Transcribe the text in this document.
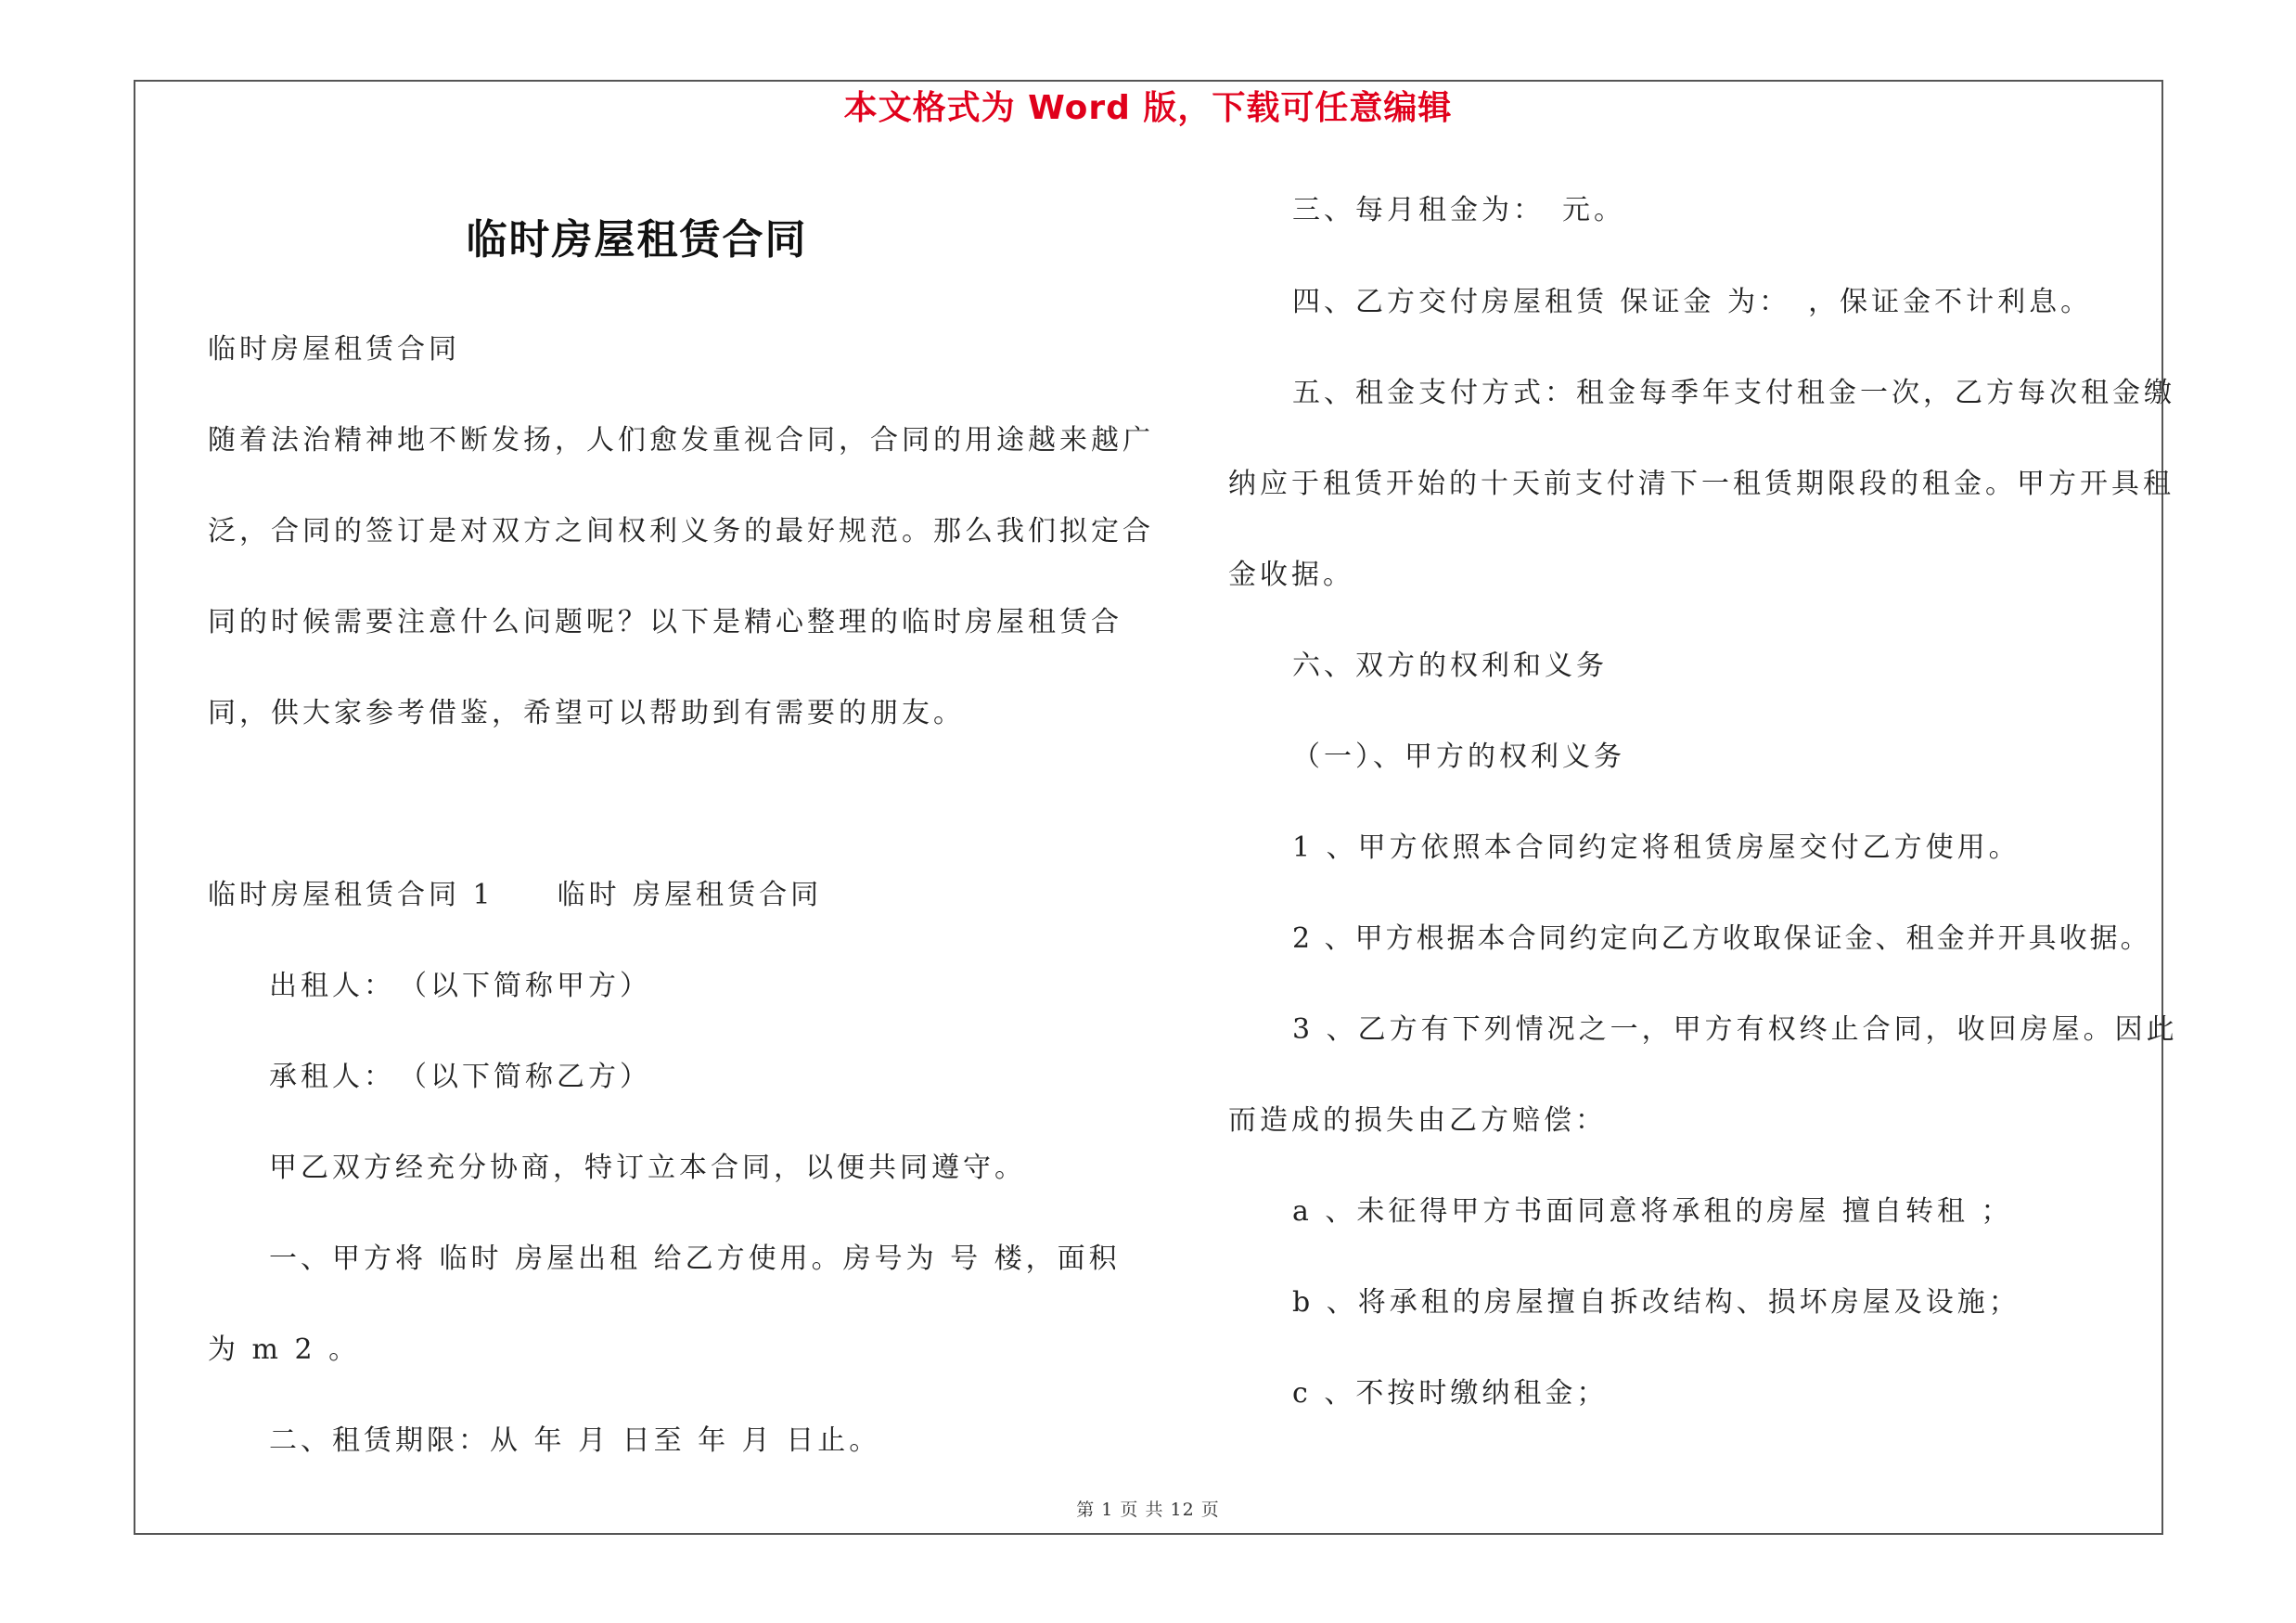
本文格式为 Word 版，下载可任意编辑
临时房屋租赁合同
临时房屋租赁合同
随着法治精神地不断发扬，人们愈发重视合同，合同的用途越来越广
泛，合同的签订是对双方之间权利义务的最好规范。那么我们拟定合
同的时候需要注意什么问题呢？以下是精心整理的临时房屋租赁合
同，供大家参考借鉴，希望可以帮助到有需要的朋友。
临时房屋租赁合同 1　　临时 房屋租赁合同
出租人：　（以下简称甲方）
承租人：　（以下简称乙方）
甲乙双方经充分协商，特订立本合同，以便共同遵守。
一、甲方将 临时 房屋出租 给乙方使用。房号为 号 楼，面积
为 m 2 。
二、租赁期限：从 年 月 日至 年 月 日止。
三、每月租金为：　元。
四、乙方交付房屋租赁 保证金 为：　，保证金不计利息。
五、租金支付方式：租金每季年支付租金一次，乙方每次租金缴
纳应于租赁开始的十天前支付清下一租赁期限段的租金。甲方开具租
金收据。
六、双方的权利和义务
（一）、甲方的权利义务
1 、甲方依照本合同约定将租赁房屋交付乙方使用。
2 、甲方根据本合同约定向乙方收取保证金、租金并开具收据。
3 、乙方有下列情况之一，甲方有权终止合同，收回房屋。因此
而造成的损失由乙方赔偿：
a 、未征得甲方书面同意将承租的房屋 擅自转租 ；
b 、将承租的房屋擅自拆改结构、损坏房屋及设施；
c 、不按时缴纳租金；
第 1 页 共 12 页
